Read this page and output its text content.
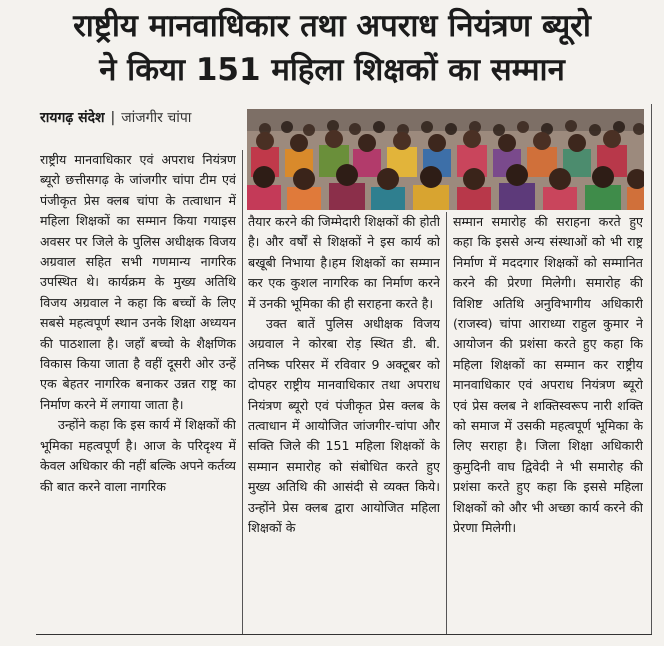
राष्ट्रीय मानवाधिकार तथा अपराध नियंत्रण ब्यूरो
ने किया 151 महिला शिक्षकों का सम्मान
रायगढ़ संदेश | जांजगीर चांपा

राष्ट्रीय मानवाधिकार एवं अपराध नियंत्रण ब्यूरो छत्तीसगढ़ के जांजगीर चांपा टीम एवं पंजीकृत प्रेस क्लब चांपा के तत्वाधान में महिला शिक्षकों का सम्मान किया गयाइस अवसर पर जिले के पुलिस अधीक्षक विजय अग्रवाल सहित सभी गणमान्य नागरिक उपस्थित थे। कार्यक्रम के मुख्य अतिथि विजय अग्रवाल ने कहा कि बच्चों के लिए सबसे महत्वपूर्ण स्थान उनके शिक्षा अध्ययन की पाठशाला है। जहाँ बच्चो के शैक्षणिक विकास किया जाता है वहीं दूसरी ओर उन्हें एक बेहतर नागरिक बनाकर उन्नत राष्ट्र का निर्माण करने में लगाया जाता है।

उन्होंने कहा कि इस कार्य में शिक्षकों की भूमिका महत्वपूर्ण है। आज के परिदृश्य में केवल अधिकार की नहीं बल्कि अपने कर्तव्य की बात करने वाला नागरिक

तैयार करने की जिम्मेदारी शिक्षकों की होती है। और वर्षों से शिक्षकों ने इस कार्य को बखूबी निभाया है।हम शिक्षकों का सम्मान कर एक कुशल नागरिक का निर्माण करने में उनकी भूमिका की ही सराहना करते है।

उक्त बातें पुलिस अधीक्षक विजय अग्रवाल ने कोरबा रोड़ स्थित डी. बी. तनिष्क परिसर में रविवार 9 अक्टूबर को दोपहर राष्ट्रीय मानवाधिकार तथा अपराध नियंत्रण ब्यूरो एवं पंजीकृत प्रेस क्लब के तत्वाधान में आयोजित जांजगीर-चांपा और सक्ति जिले की 151 महिला शिक्षकों के सम्मान समारोह को संबोधित करते हुए मुख्य अतिथि की आसंदी से व्यक्त किये। उन्होंने प्रेस क्लब द्वारा आयोजित महिला शिक्षकों के

सम्मान समारोह की सराहना करते हुए कहा कि इससे अन्य संस्थाओं को भी राष्ट्र निर्माण में मददगार शिक्षकों को सम्मानित करने की प्रेरणा मिलेगी। समारोह की विशिष्ट अतिथि अनुविभागीय अधिकारी (राजस्व) चांपा आराध्या राहुल कुमार ने आयोजन की प्रशंसा करते हुए कहा कि महिला शिक्षकों का सम्मान कर राष्ट्रीय मानवाधिकार एवं अपराध नियंत्रण ब्यूरो एवं प्रेस क्लब ने शक्तिस्वरूप नारी शक्ति को समाज में उसकी महत्वपूर्ण भूमिका के लिए सराहा है। जिला शिक्षा अधिकारी कुमुदिनी वाघ द्विवेदी ने भी समारोह की प्रशंसा करते हुए कहा कि इससे महिला शिक्षकों को और भी अच्छा कार्य करने की प्रेरणा मिलेगी।
